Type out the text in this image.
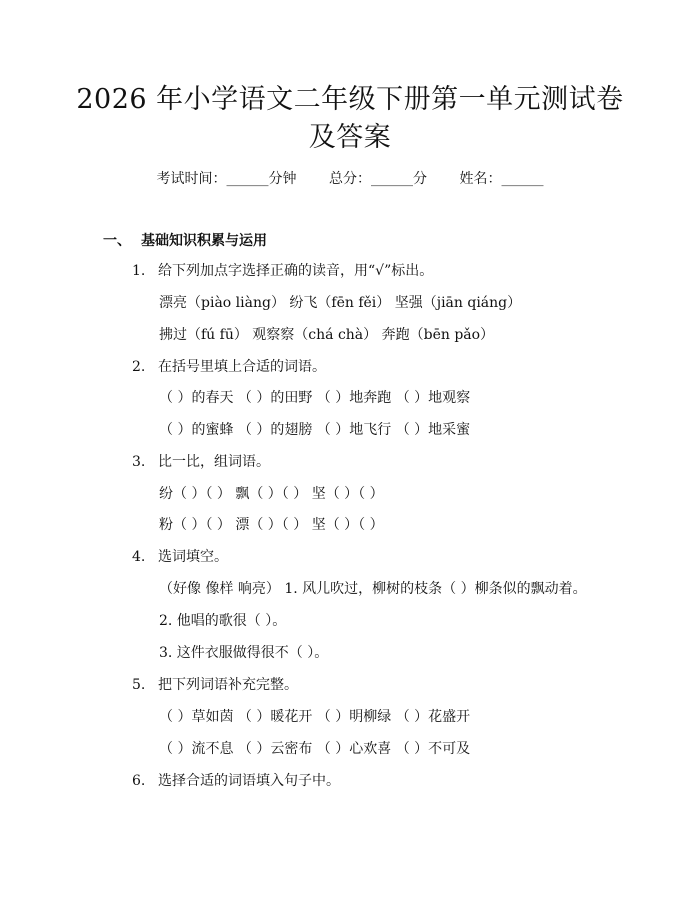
2026 年小学语文二年级下册第一单元测试卷
及答案
考试时间：______分钟 总分：______分 姓名：______
一、 基础知识积累与运用
1. 给下列加点字选择正确的读音，用“√”标出。
漂亮（piào liàng） 纷飞（fēn fěi） 坚强（jiān qiáng）
拂过（fú fū） 观察察（chá chà） 奔跑（bēn pǎo）
2. 在括号里填上合适的词语。
（ ）的春天 （ ）的田野 （ ）地奔跑 （ ）地观察
（ ）的蜜蜂 （ ）的翅膀 （ ）地飞行 （ ）地采蜜
3. 比一比，组词语。
纷（ ）（ ） 飘（ ）（ ） 坚（ ）（ ）
粉（ ）（ ） 漂（ ）（ ） 坚（ ）（ ）
4. 选词填空。
（好像 像样 响亮） 1. 风儿吹过，柳树的枝条（ ）柳条似的飘动着。
2. 他唱的歌很（ ）。
3. 这件衣服做得很不（ ）。
5. 把下列词语补充完整。
（ ）草如茵 （ ）暖花开 （ ）明柳绿 （ ）花盛开
（ ）流不息 （ ）云密布 （ ）心欢喜 （ ）不可及
6. 选择合适的词语填入句子中。
